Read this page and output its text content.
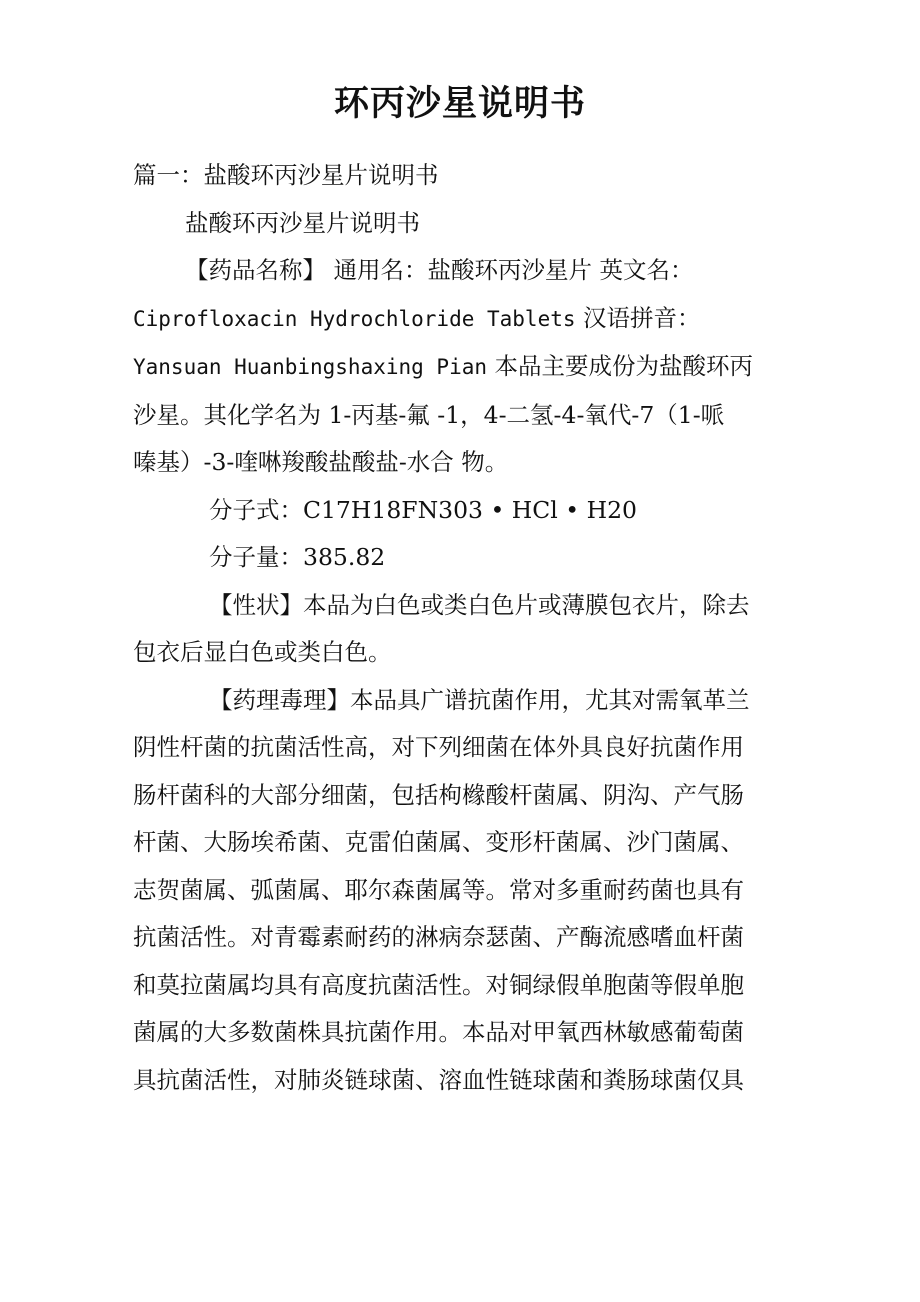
环丙沙星说明书

篇一：盐酸环丙沙星片说明书

盐酸环丙沙星片说明书

【药品名称】 通用名：盐酸环丙沙星片 英文名：

Ciprofloxacin Hydrochloride Tablets 汉语拼音：

Yansuan Huanbingshaxing Pian 本品主要成份为盐酸环丙

沙星。其化学名为 1-丙基-氟 -1，4-二氢-4-氧代-7（1-哌

嗪基）-3-喹啉羧酸盐酸盐-水合 物。

分子式：C17H18FN303 • HCl • H20

分子量：385.82

【性状】本品为白色或类白色片或薄膜包衣片，除去

包衣后显白色或类白色。

【药理毒理】本品具广谱抗菌作用，尤其对需氧革兰

阴性杆菌的抗菌活性高，对下列细菌在体外具良好抗菌作用

肠杆菌科的大部分细菌，包括枸橼酸杆菌属、阴沟、产气肠

杆菌、大肠埃希菌、克雷伯菌属、变形杆菌属、沙门菌属、

志贺菌属、弧菌属、耶尔森菌属等。常对多重耐药菌也具有

抗菌活性。对青霉素耐药的淋病奈瑟菌、产酶流感嗜血杆菌

和莫拉菌属均具有高度抗菌活性。对铜绿假单胞菌等假单胞

菌属的大多数菌株具抗菌作用。本品对甲氧西林敏感葡萄菌

具抗菌活性，对肺炎链球菌、溶血性链球菌和粪肠球菌仅具
